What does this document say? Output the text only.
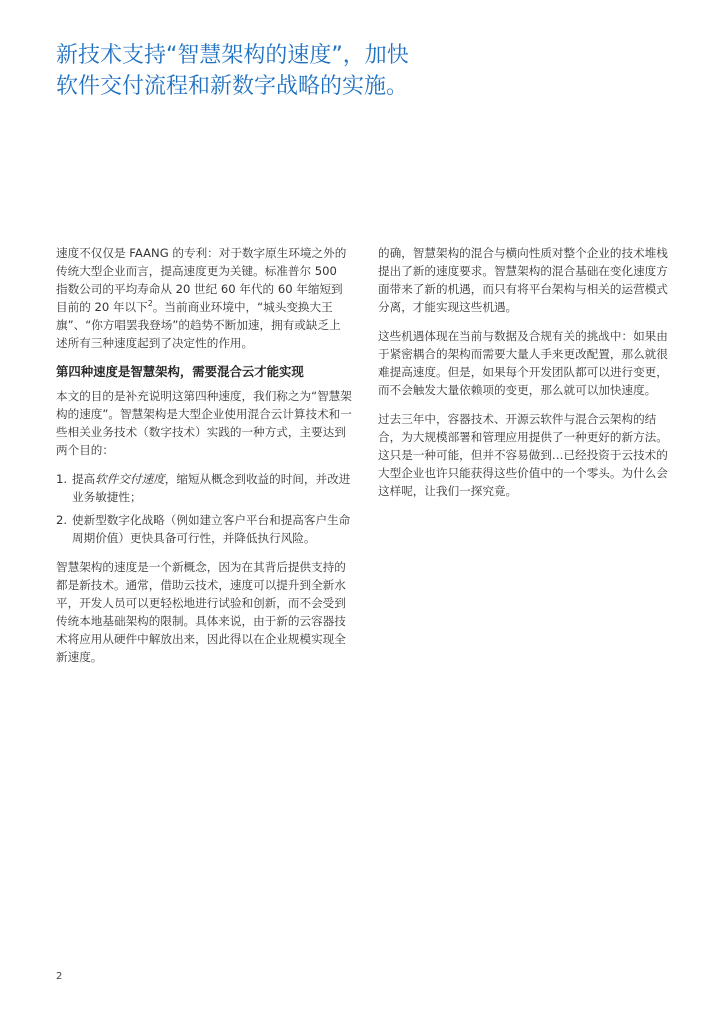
新技术支持“智慧架构的速度”，加快
软件交付流程和新数字战略的实施。

速度不仅仅是 FAANG 的专利：对于数字原生环境之外的传统大型企业而言，提高速度更为关键。标准普尔 500 指数公司的平均寿命从 20 世纪 60 年代的 60 年缩短到目前的 20 年以下$^2$。当前商业环境中，“城头变换大王旗”、“你方唱罢我登场”的趋势不断加速，拥有或缺乏上述所有三种速度起到了决定性的作用。

第四种速度是智慧架构，需要混合云才能实现

本文的目的是补充说明这第四种速度，我们称之为“智慧架构的速度”。智慧架构是大型企业使用混合云计算技术和一些相关业务技术（数字技术）实践的一种方式，主要达到两个目的：

1. 提高软件交付速度，缩短从概念到收益的时间，并改进业务敏捷性；
2. 使新型数字化战略（例如建立客户平台和提高客户生命周期价值）更快具备可行性，并降低执行风险。

智慧架构的速度是一个新概念，因为在其背后提供支持的都是新技术。通常，借助云技术，速度可以提升到全新水平，开发人员可以更轻松地进行试验和创新，而不会受到传统本地基础架构的限制。具体来说，由于新的云容器技术将应用从硬件中解放出来，因此得以在企业规模实现全新速度。

的确，智慧架构的混合与横向性质对整个企业的技术堆栈提出了新的速度要求。智慧架构的混合基础在变化速度方面带来了新的机遇，而只有将平台架构与相关的运营模式分离，才能实现这些机遇。

这些机遇体现在当前与数据及合规有关的挑战中：如果由于紧密耦合的架构而需要大量人手来更改配置，那么就很难提高速度。但是，如果每个开发团队都可以进行变更，而不会触发大量依赖项的变更，那么就可以加快速度。

过去三年中，容器技术、开源云软件与混合云架构的结合，为大规模部署和管理应用提供了一种更好的新方法。这只是一种可能，但并不容易做到…已经投资于云技术的大型企业也许只能获得这些价值中的一个零头。为什么会这样呢，让我们一探究竟。

2
